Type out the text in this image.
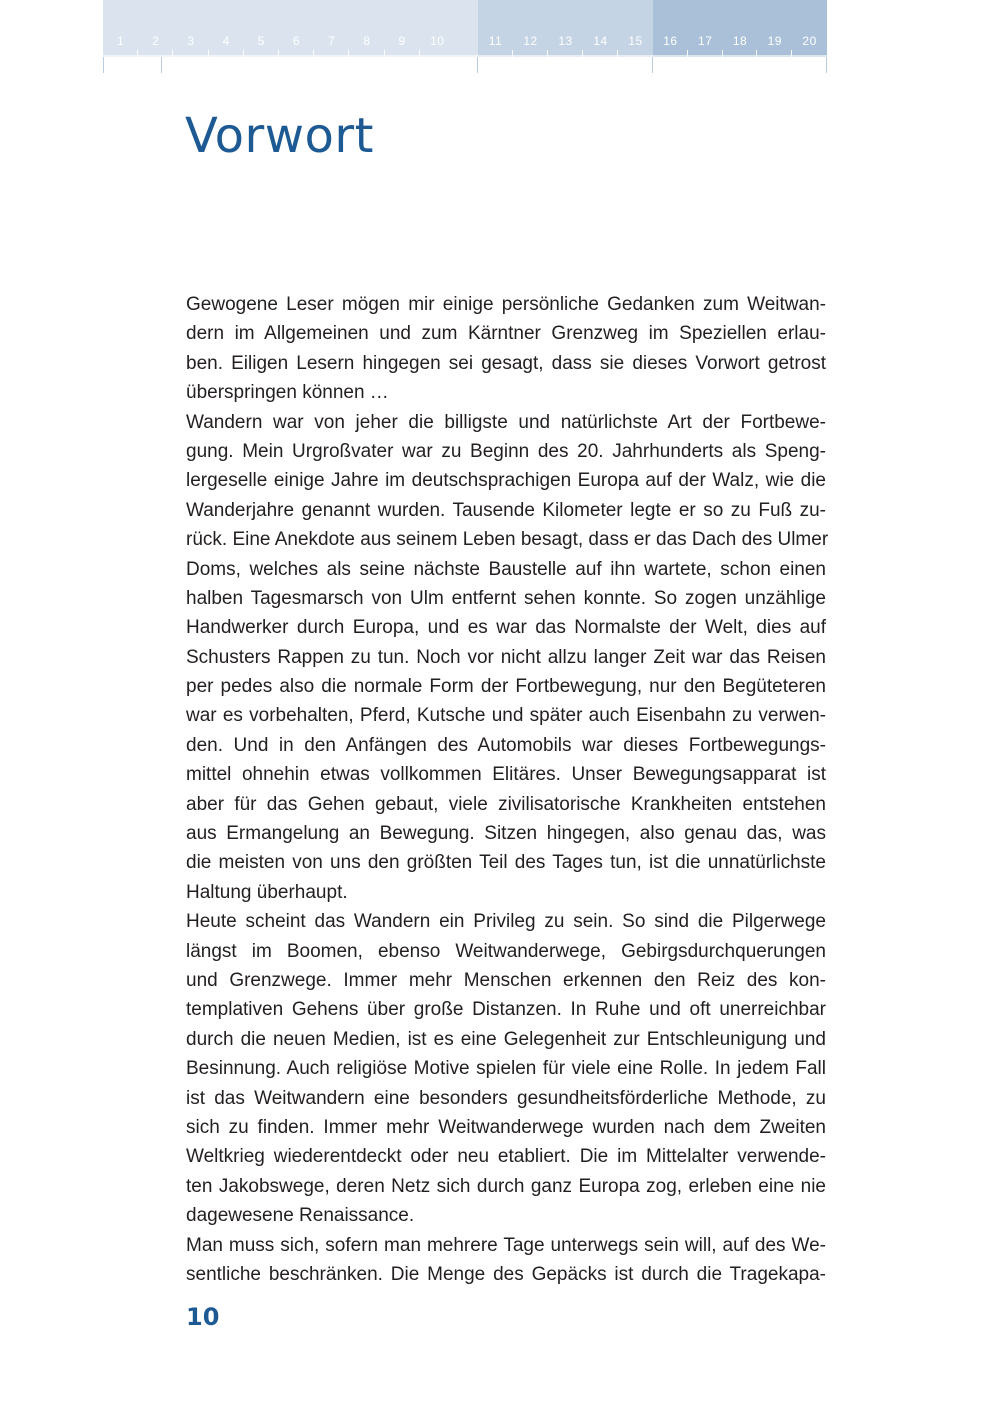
1	2	3	4	5	6	7	8	9	10	11	12	13	14	15	16	17	18	19	20
Vorwort
Gewogene Leser mögen mir einige persönliche Gedanken zum Weitwan-
dern im Allgemeinen und zum Kärntner Grenzweg im Speziellen erlau-
ben. Eiligen Lesern hingegen sei gesagt, dass sie dieses Vorwort getrost
überspringen können …
Wandern war von jeher die billigste und natürlichste Art der Fortbewe-
gung. Mein Urgroßvater war zu Beginn des 20. Jahrhunderts als Speng-
lergeselle einige Jahre im deutschsprachigen Europa auf der Walz, wie die
Wanderjahre genannt wurden. Tausende Kilometer legte er so zu Fuß zu-
rück. Eine Anekdote aus seinem Leben besagt, dass er das Dach des Ulmer
Doms, welches als seine nächste Baustelle auf ihn wartete, schon einen
halben Tagesmarsch von Ulm entfernt sehen konnte. So zogen unzählige
Handwerker durch Europa, und es war das Normalste der Welt, dies auf
Schusters Rappen zu tun. Noch vor nicht allzu langer Zeit war das Reisen
per pedes also die normale Form der Fortbewegung, nur den Begüteteren
war es vorbehalten, Pferd, Kutsche und später auch Eisenbahn zu verwen-
den. Und in den Anfängen des Automobils war dieses Fortbewegungs-
mittel ohnehin etwas vollkommen Elitäres. Unser Bewegungsapparat ist
aber für das Gehen gebaut, viele zivilisatorische Krankheiten entstehen
aus Ermangelung an Bewegung. Sitzen hingegen, also genau das, was
die meisten von uns den größten Teil des Tages tun, ist die unnatürlichste
Haltung überhaupt.
Heute scheint das Wandern ein Privileg zu sein. So sind die Pilgerwege
längst im Boomen, ebenso Weitwanderwege, Gebirgsdurchquerungen
und Grenzwege. Immer mehr Menschen erkennen den Reiz des kon-
templativen Gehens über große Distanzen. In Ruhe und oft unerreichbar
durch die neuen Medien, ist es eine Gelegenheit zur Entschleunigung und
Besinnung. Auch religiöse Motive spielen für viele eine Rolle. In jedem Fall
ist das Weitwandern eine besonders gesundheitsförderliche Methode, zu
sich zu finden. Immer mehr Weitwanderwege wurden nach dem Zweiten
Weltkrieg wiederentdeckt oder neu etabliert. Die im Mittelalter verwende-
ten Jakobswege, deren Netz sich durch ganz Europa zog, erleben eine nie
dagewesene Renaissance.
Man muss sich, sofern man mehrere Tage unterwegs sein will, auf des We-
sentliche beschränken. Die Menge des Gepäcks ist durch die Tragekapa-
10
